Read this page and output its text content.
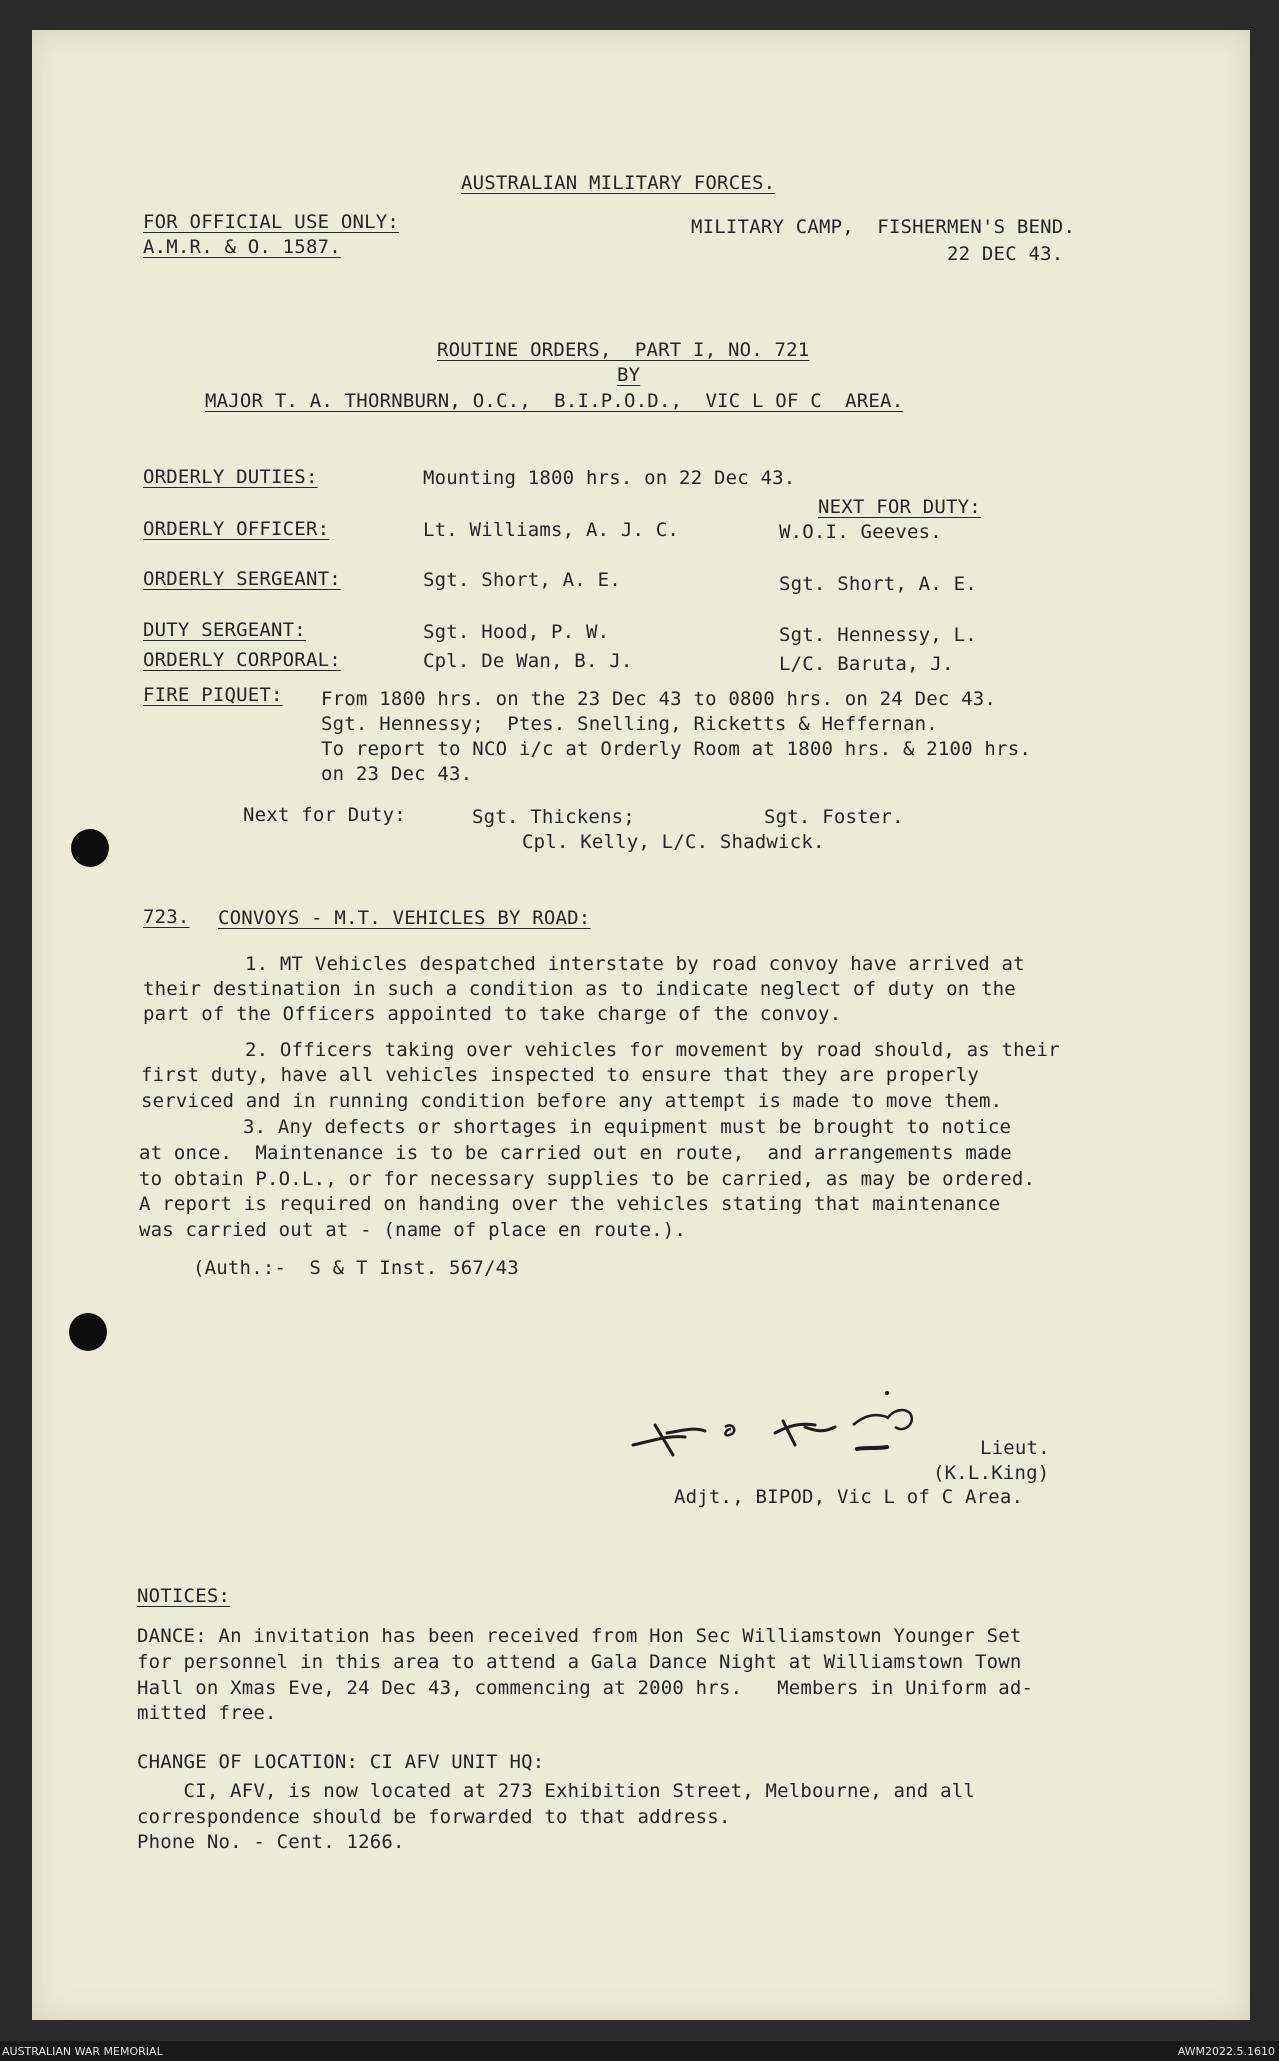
AUSTRALIAN MILITARY FORCES.
FOR OFFICIAL USE ONLY:
A.M.R. & O. 1587.
MILITARY CAMP,  FISHERMEN'S BEND.
22 DEC 43.
ROUTINE ORDERS,  PART I, NO. 721
BY
MAJOR T. A. THORNBURN, O.C.,  B.I.P.O.D.,  VIC L OF C  AREA.
ORDERLY DUTIES:	Mounting 1800 hrs. on 22 Dec 43.
NEXT FOR DUTY:
ORDERLY OFFICER:	Lt. Williams, A. J. C.	W.O.I. Geeves.
ORDERLY SERGEANT:	Sgt. Short, A. E.	Sgt. Short, A. E.
DUTY SERGEANT:	Sgt. Hood, P. W.	Sgt. Hennessy, L.
ORDERLY CORPORAL:	Cpl. De Wan, B. J.	L/C. Baruta, J.
FIRE PIQUET: From 1800 hrs. on the 23 Dec 43 to 0800 hrs. on 24 Dec 43.
Sgt. Hennessy;  Ptes. Snelling, Ricketts & Heffernan.
To report to NCO i/c at Orderly Room at 1800 hrs. & 2100 hrs.
on 23 Dec 43.
Next for Duty:	Sgt. Thickens;	Sgt. Foster.
Cpl. Kelly, L/C. Shadwick.
723. CONVOYS - M.T. VEHICLES BY ROAD:
1. MT Vehicles despatched interstate by road convoy have arrived at
their destination in such a condition as to indicate neglect of duty on the
part of the Officers appointed to take charge of the convoy.
2. Officers taking over vehicles for movement by road should, as their
first duty, have all vehicles inspected to ensure that they are properly
serviced and in running condition before any attempt is made to move them.
3. Any defects or shortages in equipment must be brought to notice
at once.  Maintenance is to be carried out en route,  and arrangements made
to obtain P.O.L., or for necessary supplies to be carried, as may be ordered.
A report is required on handing over the vehicles stating that maintenance
was carried out at - (name of place en route.).
(Auth.:-  S & T Inst. 567/43
Lieut.
(K.L.King)
Adjt., BIPOD, Vic L of C Area.
NOTICES:
DANCE: An invitation has been received from Hon Sec Williamstown Younger Set
for personnel in this area to attend a Gala Dance Night at Williamstown Town
Hall on Xmas Eve, 24 Dec 43, commencing at 2000 hrs.   Members in Uniform ad-
mitted free.
CHANGE OF LOCATION: CI AFV UNIT HQ:
CI, AFV, is now located at 273 Exhibition Street, Melbourne, and all
correspondence should be forwarded to that address.
Phone No. - Cent. 1266.
AUSTRALIAN WAR MEMORIAL	AWM2022.5.1610
